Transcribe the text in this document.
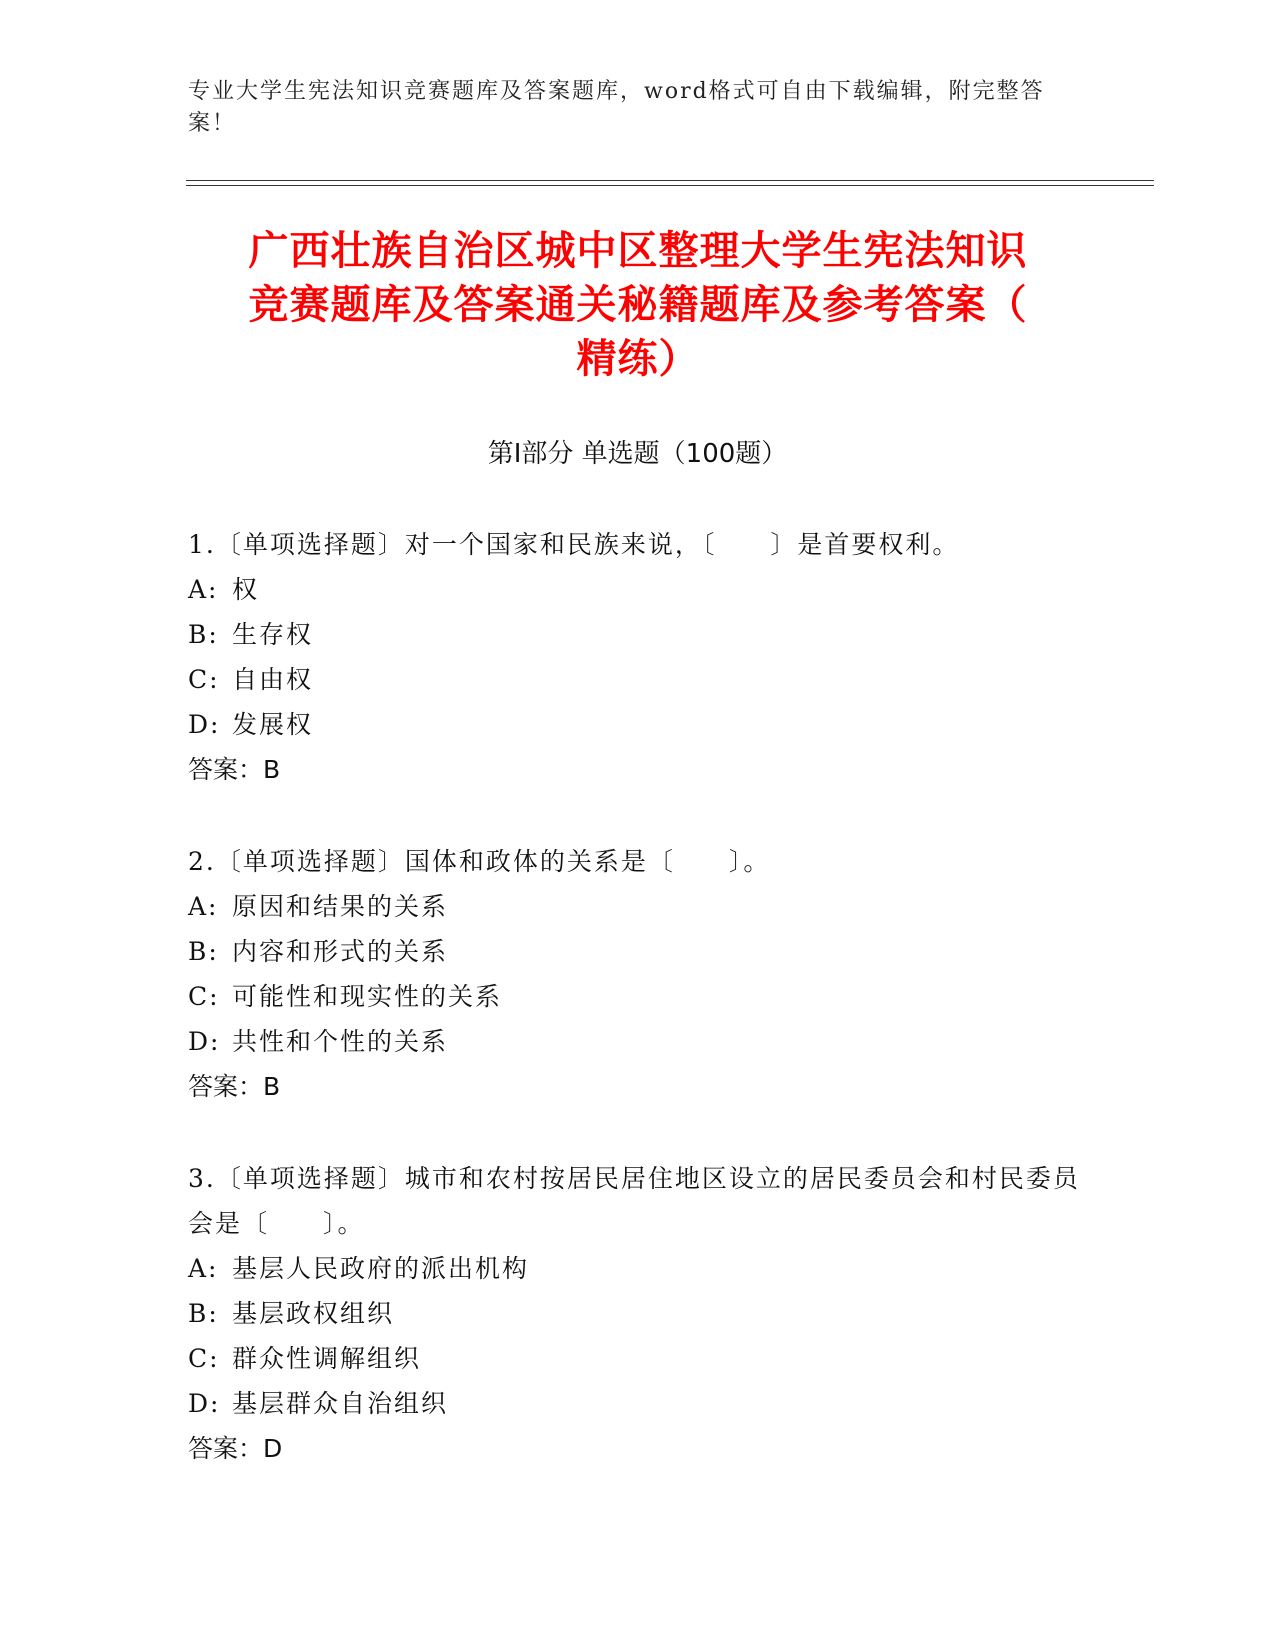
专业大学生宪法知识竞赛题库及答案题库，word格式可自由下载编辑，附完整答案！
广西壮族自治区城中区整理大学生宪法知识
竞赛题库及答案通关秘籍题库及参考答案（
精练）
第Ⅰ部分 单选题（100题）
1.〔单项选择题〕对一个国家和民族来说，〔　　〕是首要权利。
A: 权
B: 生存权
C: 自由权
D: 发展权
答案：B
2.〔单项选择题〕国体和政体的关系是〔　　〕。
A: 原因和结果的关系
B: 内容和形式的关系
C: 可能性和现实性的关系
D: 共性和个性的关系
答案：B
3.〔单项选择题〕城市和农村按居民居住地区设立的居民委员会和村民委员会是〔　　〕。
A: 基层人民政府的派出机构
B: 基层政权组织
C: 群众性调解组织
D: 基层群众自治组织
答案：D
